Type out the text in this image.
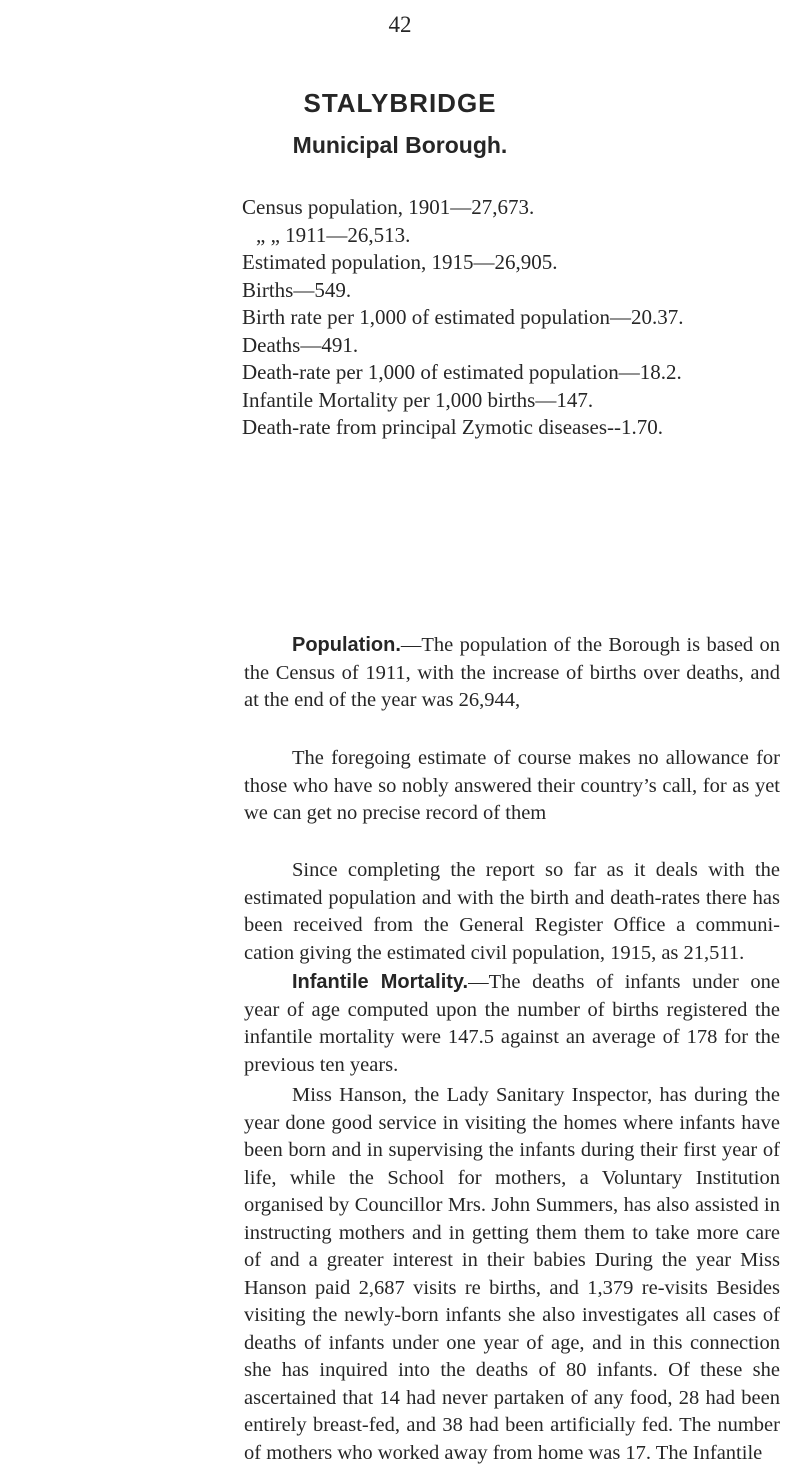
42
STALYBRIDGE
Municipal Borough.
Census population, 1901—27,673.
„ „ 1911—26,513.
Estimated population, 1915—26,905.
Births—549.
Birth rate per 1,000 of estimated population—20.37.
Deaths—491.
Death-rate per 1,000 of estimated population—18.2.
Infantile Mortality per 1,000 births—147.
Death-rate from principal Zymotic diseases--1.70.

Population.—The population of the Borough is based on the Census of 1911, with the increase of births over deaths, and at the end of the year was 26,944,

The foregoing estimate of course makes no allowance for those who have so nobly answered their country’s call, for as yet we can get no precise record of them

Since completing the report so far as it deals with the estimated population and with the birth and death-rates there has been received from the General Register Office a communi-cation giving the estimated civil population, 1915, as 21,511.

Infantile Mortality.—The deaths of infants under one year of age computed upon the number of births registered the infantile mortality were 147.5 against an average of 178 for the previous ten years.

Miss Hanson, the Lady Sanitary Inspector, has during the year done good service in visiting the homes where infants have been born and in supervising the infants during their first year of life, while the School for mothers, a Voluntary Institution organised by Councillor Mrs. John Summers, has also assisted in instructing mothers and in getting them them to take more care of and a greater interest in their babies During the year Miss Hanson paid 2,687 visits re births, and 1,379 re-visits Besides visiting the newly-born infants she also investigates all cases of deaths of infants under one year of age, and in this connection she has inquired into the deaths of 80 infants. Of these she ascertained that 14 had never partaken of any food, 28 had been entirely breast-fed, and 38 had been artificially fed. The number of mothers who worked away from home was 17. The Infantile
